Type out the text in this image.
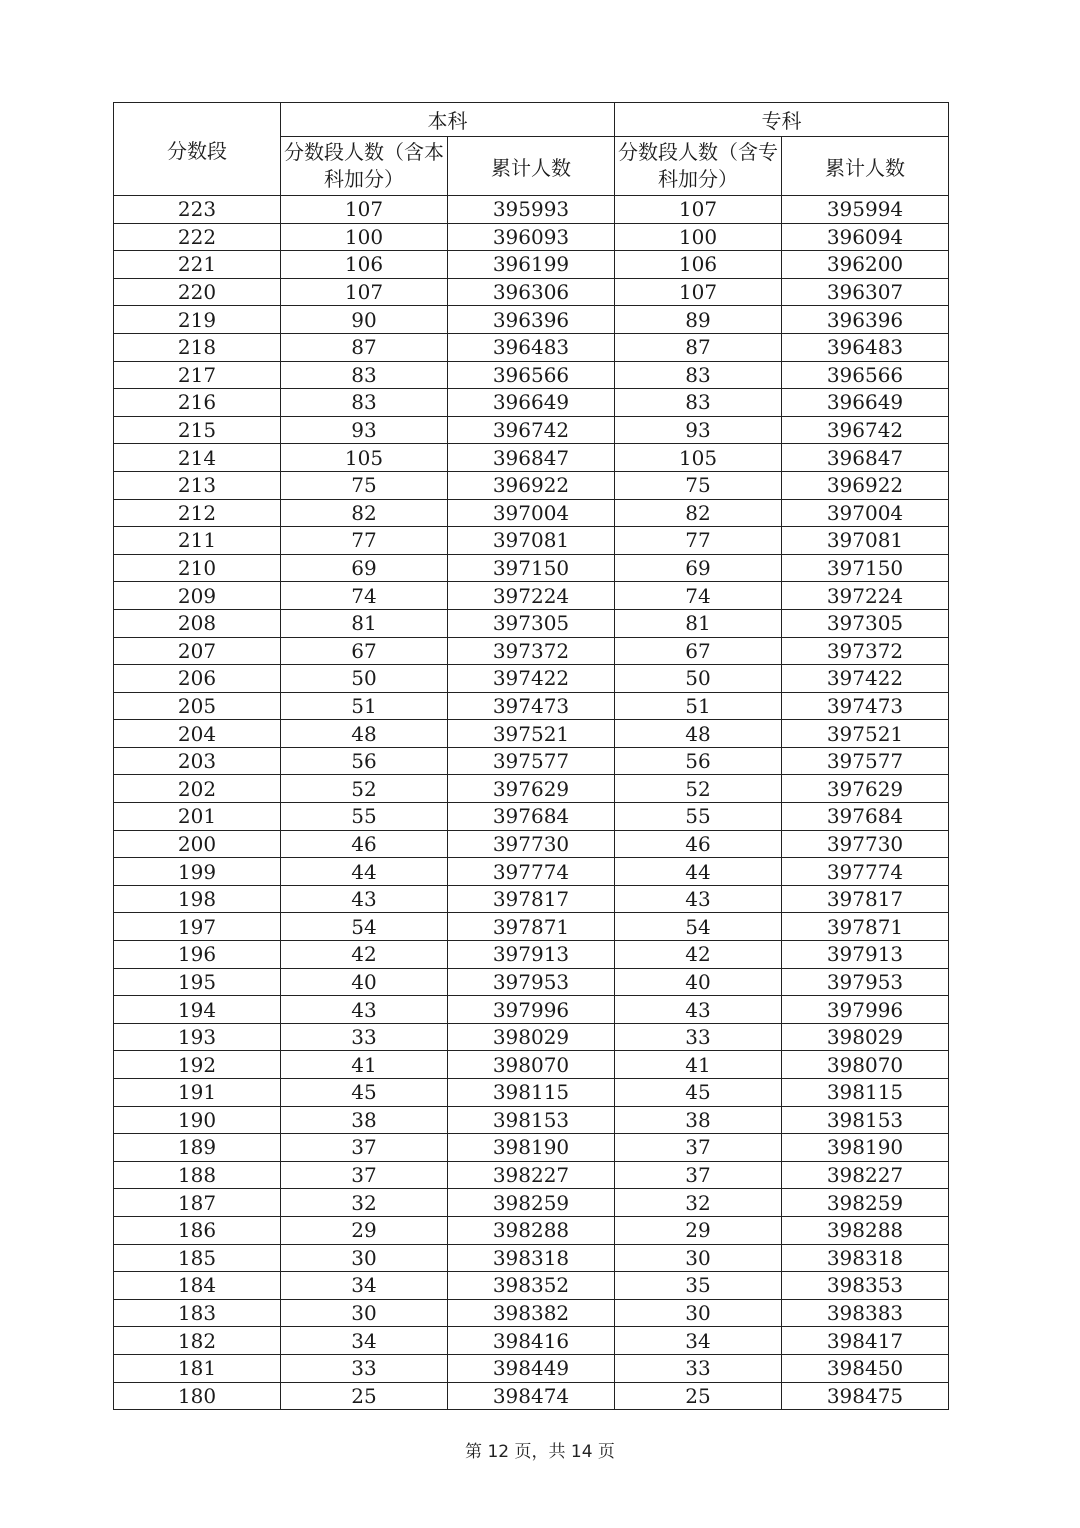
分数段	本科		专科	
	分数段人数（含本科加分）	累计人数	分数段人数（含专科加分）	累计人数
223	107	395993	107	395994
222	100	396093	100	396094
221	106	396199	106	396200
220	107	396306	107	396307
219	90	396396	89	396396
218	87	396483	87	396483
217	83	396566	83	396566
216	83	396649	83	396649
215	93	396742	93	396742
214	105	396847	105	396847
213	75	396922	75	396922
212	82	397004	82	397004
211	77	397081	77	397081
210	69	397150	69	397150
209	74	397224	74	397224
208	81	397305	81	397305
207	67	397372	67	397372
206	50	397422	50	397422
205	51	397473	51	397473
204	48	397521	48	397521
203	56	397577	56	397577
202	52	397629	52	397629
201	55	397684	55	397684
200	46	397730	46	397730
199	44	397774	44	397774
198	43	397817	43	397817
197	54	397871	54	397871
196	42	397913	42	397913
195	40	397953	40	397953
194	43	397996	43	397996
193	33	398029	33	398029
192	41	398070	41	398070
191	45	398115	45	398115
190	38	398153	38	398153
189	37	398190	37	398190
188	37	398227	37	398227
187	32	398259	32	398259
186	29	398288	29	398288
185	30	398318	30	398318
184	34	398352	35	398353
183	30	398382	30	398383
182	34	398416	34	398417
181	33	398449	33	398450
180	25	398474	25	398475
第 12 页，共 14 页
